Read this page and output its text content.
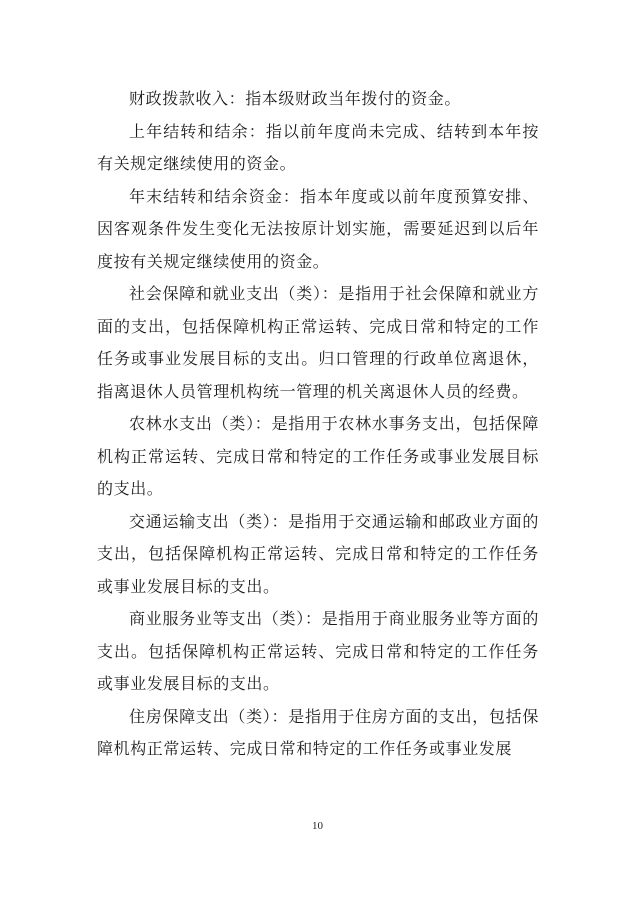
财政拨款收入：指本级财政当年拨付的资金。

上年结转和结余：指以前年度尚未完成、结转到本年按有关规定继续使用的资金。

年末结转和结余资金：指本年度或以前年度预算安排、因客观条件发生变化无法按原计划实施，需要延迟到以后年度按有关规定继续使用的资金。

社会保障和就业支出（类）：是指用于社会保障和就业方面的支出，包括保障机构正常运转、完成日常和特定的工作任务或事业发展目标的支出。归口管理的行政单位离退休，指离退休人员管理机构统一管理的机关离退休人员的经费。

农林水支出（类）：是指用于农林水事务支出，包括保障机构正常运转、完成日常和特定的工作任务或事业发展目标的支出。

交通运输支出（类）：是指用于交通运输和邮政业方面的支出，包括保障机构正常运转、完成日常和特定的工作任务或事业发展目标的支出。

商业服务业等支出（类）：是指用于商业服务业等方面的支出。包括保障机构正常运转、完成日常和特定的工作任务或事业发展目标的支出。

住房保障支出（类）：是指用于住房方面的支出，包括保障机构正常运转、完成日常和特定的工作任务或事业发展

10
